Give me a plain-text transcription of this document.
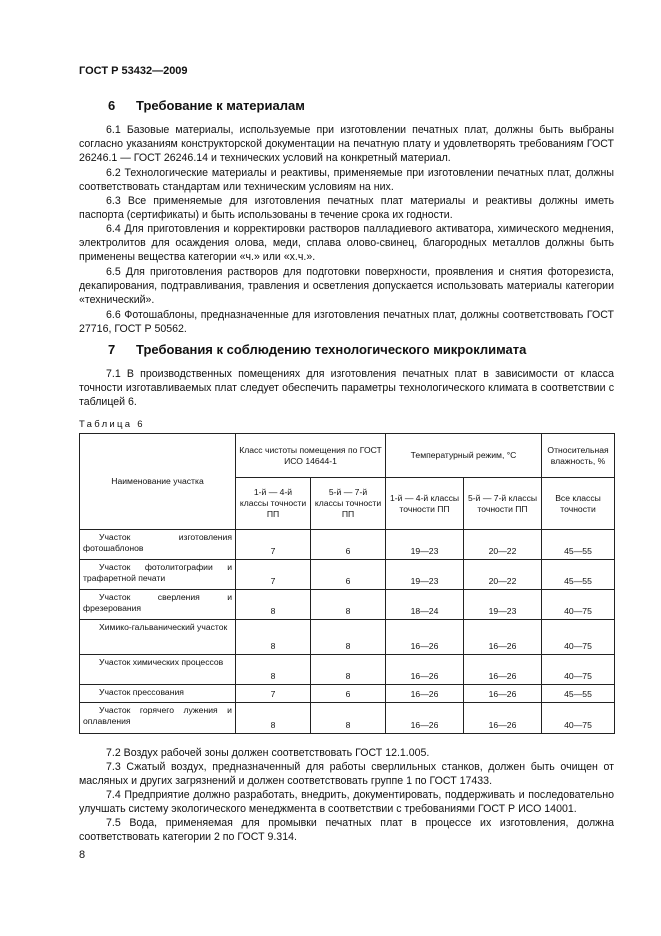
ГОСТ Р 53432—2009
6 Требование к материалам

6.1 Базовые материалы, используемые при изготовлении печатных плат, должны быть выбраны согласно указаниям конструкторской документации на печатную плату и удовлетворять требованиям ГОСТ 26246.1 — ГОСТ 26246.14 и технических условий на конкретный материал.

6.2 Технологические материалы и реактивы, применяемые при изготовлении печатных плат, должны соответствовать стандартам или техническим условиям на них.

6.3 Все применяемые для изготовления печатных плат материалы и реактивы должны иметь паспорта (сертификаты) и быть использованы в течение срока их годности.

6.4 Для приготовления и корректировки растворов палладиевого активатора, химического меднения, электролитов для осаждения олова, меди, сплава олово-свинец, благородных металлов должны быть применены вещества категории «ч.» или «х.ч.».

6.5 Для приготовления растворов для подготовки поверхности, проявления и снятия фоторезиста, декапирования, подтравливания, травления и осветления допускается использовать материалы категории «технический».

6.6 Фотошаблоны, предназначенные для изготовления печатных плат, должны соответствовать ГОСТ 27716, ГОСТ Р 50562.

7 Требования к соблюдению технологического микроклимата

7.1 В производственных помещениях для изготовления печатных плат в зависимости от класса точности изготавливаемых плат следует обеспечить параметры технологического климата в соответствии с таблицей 6.

Таблица 6
Наименование участка	Класс чистоты помещения по ГОСТ ИСО 14644-1		Температурный режим, °С		Относительная влажность, %
	1-й — 4-й классы точности ПП	5-й — 7-й классы точности ПП	1-й — 4-й классы точности ПП	5-й — 7-й классы точности ПП	Все классы точности
Участок изготовления фотошаблонов	7	6	19—23	20—22	45—55
Участок фотолитографии и трафаретной печати	7	6	19—23	20—22	45—55
Участок сверления и фрезерования	8	8	18—24	19—23	40—75
Химико-гальванический участок	8	8	16—26	16—26	40—75
Участок химических процессов	8	8	16—26	16—26	40—75
Участок прессования	7	6	16—26	16—26	45—55
Участок горячего лужения и оплавления	8	8	16—26	16—26	40—75

7.2 Воздух рабочей зоны должен соответствовать ГОСТ 12.1.005.

7.3 Сжатый воздух, предназначенный для работы сверлильных станков, должен быть очищен от масляных и других загрязнений и должен соответствовать группе 1 по ГОСТ 17433.

7.4 Предприятие должно разработать, внедрить, документировать, поддерживать и последовательно улучшать систему экологического менеджмента в соответствии с требованиями ГОСТ Р ИСО 14001.

7.5 Вода, применяемая для промывки печатных плат в процессе их изготовления, должна соответствовать категории 2 по ГОСТ 9.314.

8
